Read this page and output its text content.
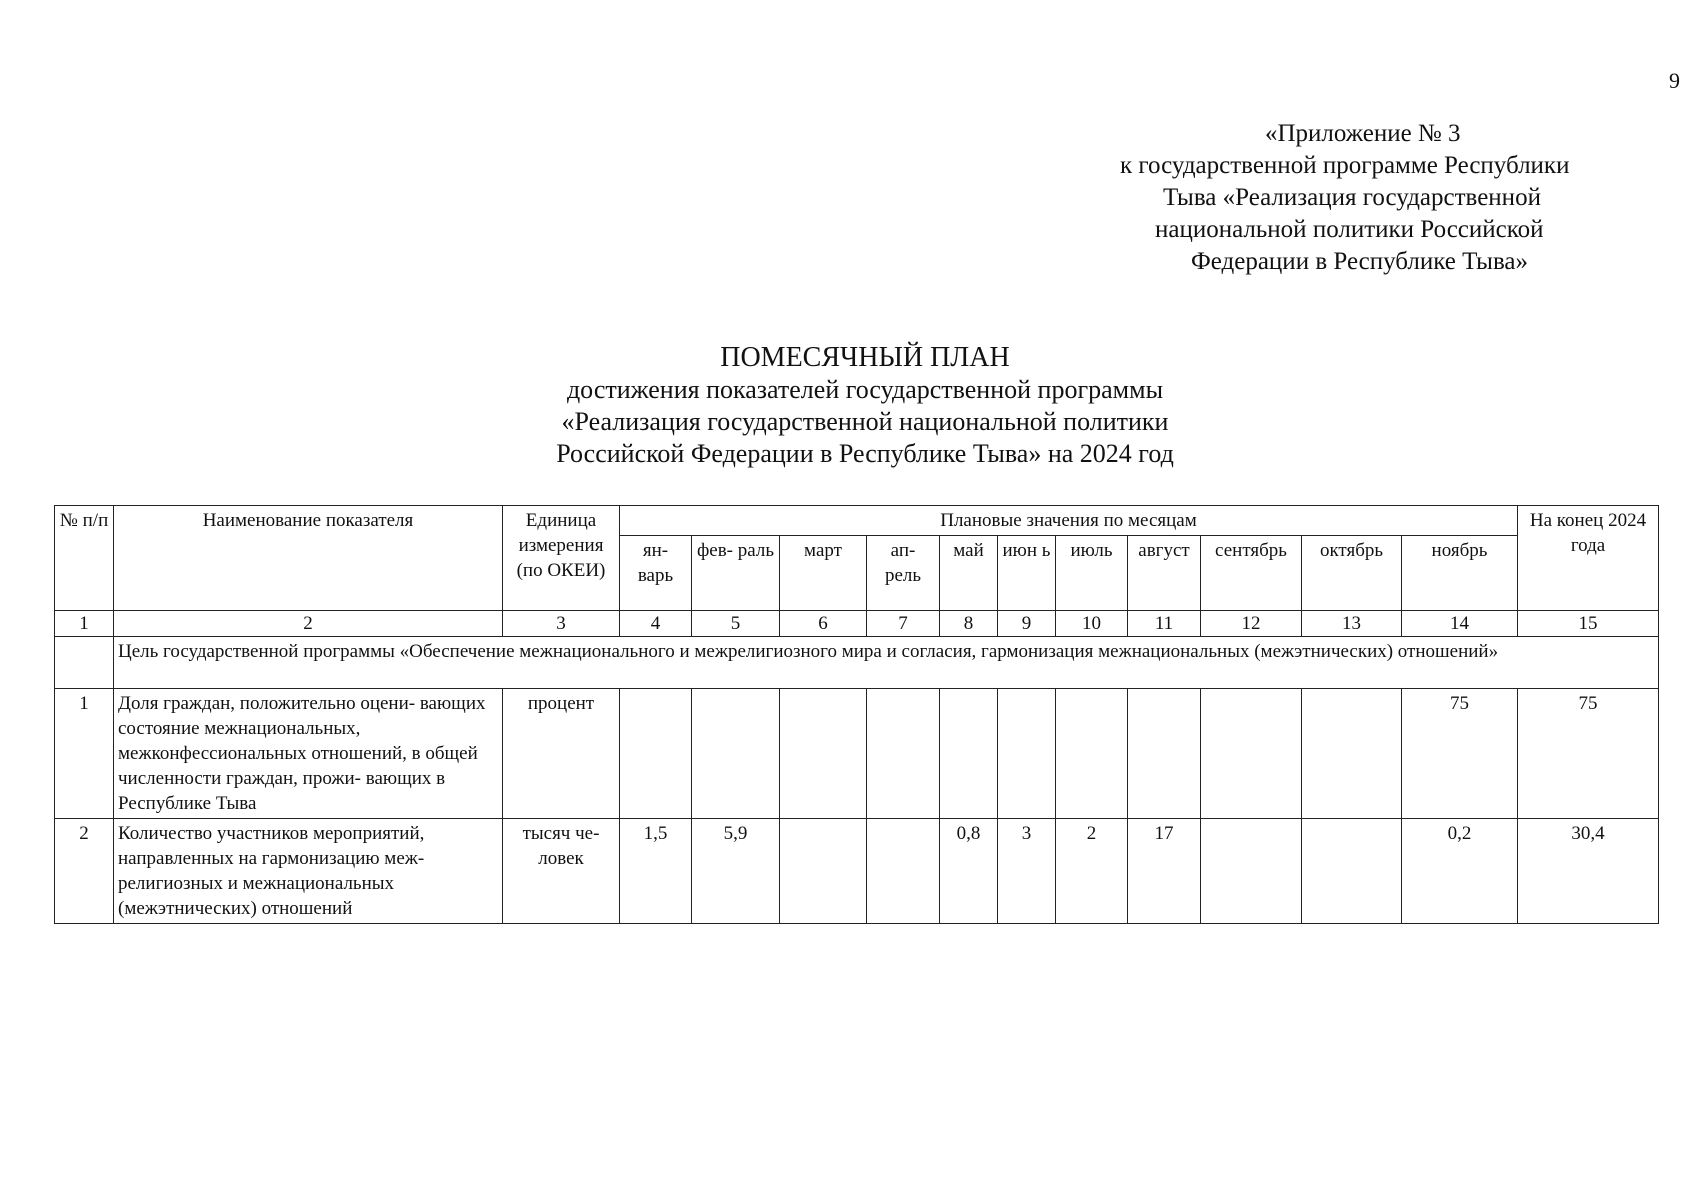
9
«Приложение № 3
к государственной программе Республики
Тыва «Реализация государственной
национальной политики Российской
Федерации в Республике Тыва»
ПОМЕСЯЧНЫЙ ПЛАН
достижения показателей государственной программы
«Реализация государственной национальной политики
Российской Федерации в Республике Тыва» на 2024 год
№ п/п	Наименование показателя	Единица измерения (по ОКЕИ)	Плановые значения по месяцам											На конец 2024 года
			ян- варь	фев- раль	март	ап- рель	май	июн ь	июль	август	сентябрь	октябрь	ноябрь	
1	2	3	4	5	6	7	8	9	10	11	12	13	14	15
	Цель государственной программы «Обеспечение межнационального и межрелигиозного мира и согласия, гармонизация межнациональных (межэтнических) отношений»													
1	Доля граждан, положительно оцени- вающих состояние межнациональных, межконфессиональных отношений, в общей численности граждан, прожи- вающих в Республике Тыва	процент											75	75
2	Количество участников мероприятий, направленных на гармонизацию меж- религиозных и межнациональных (межэтнических) отношений	тысяч че- ловек	1,5	5,9			0,8	3	2	17			0,2	30,4
